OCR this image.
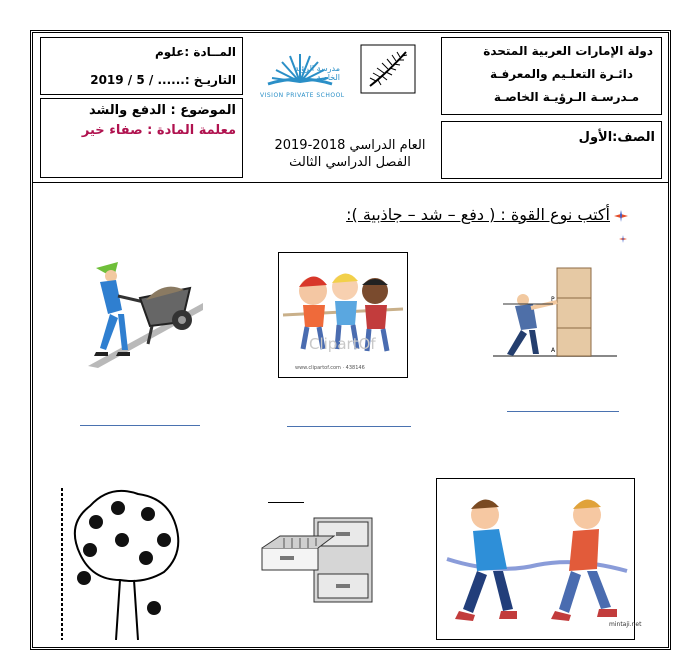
دولة الإمارات العربية المتحدة
دائـرة التعلـيم والمعرفـة
مـدرسـة الـرؤيـة الخاصـة
الصف:الأول
المــادة :علوم
التاريـخ :...... / 5 / 2019
الموضوع : الدفع والشد
معلمة المادة : صفاء خير
مدرسة الرؤية الخاصة
VISION PRIVATE SCHOOL
العام الدراسي 2018-2019
الفصل الدراسي الثالث
أكتب نوع القوة : ( دفع – شد – جاذبية ):
ClipartOf
www.clipartof.com · 438146
P
A
mintaji.net
